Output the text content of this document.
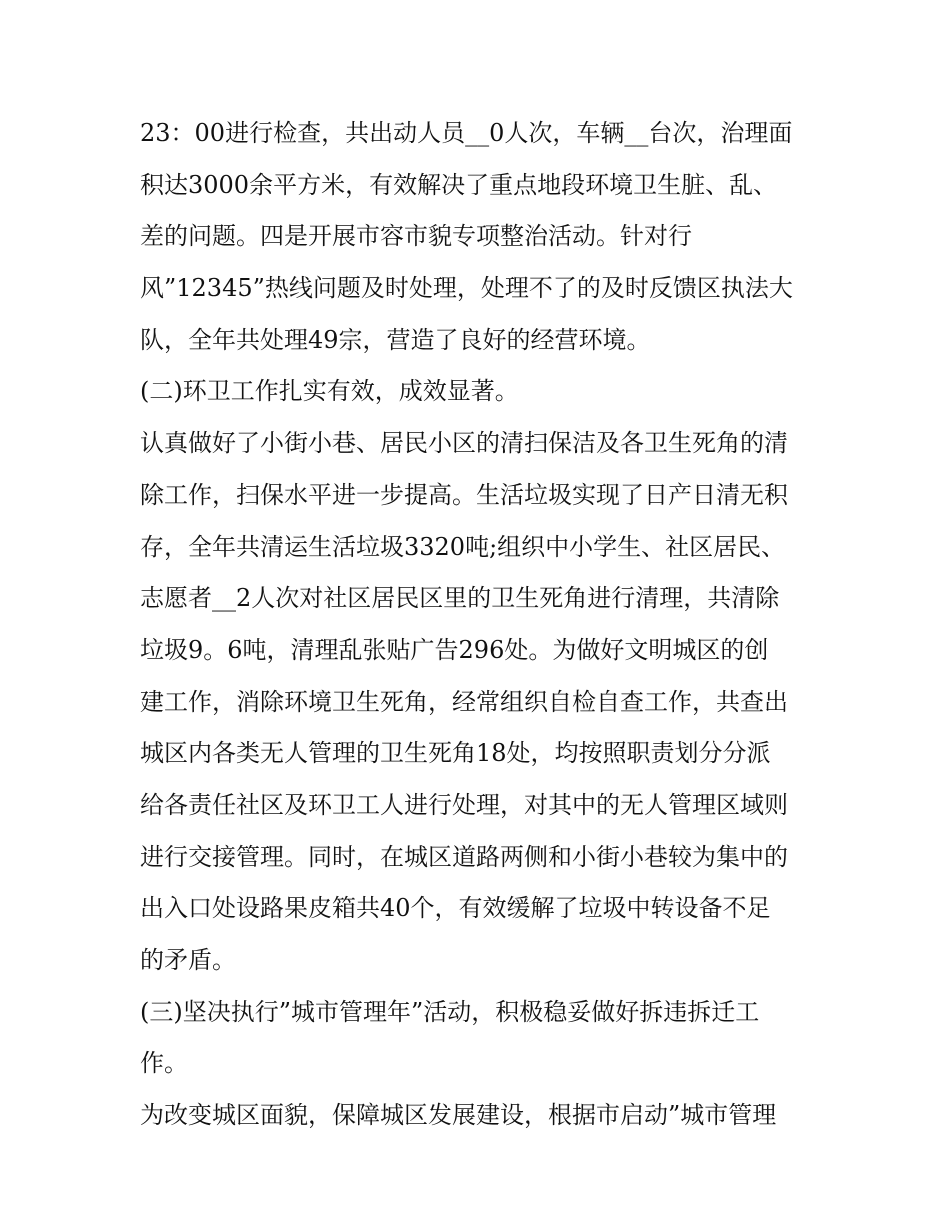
23：00进行检查，共出动人员__0人次，车辆__台次，治理面
积达3000余平方米，有效解决了重点地段环境卫生脏、乱、
差的问题。四是开展市容市貌专项整治活动。针对行
风”12345”热线问题及时处理，处理不了的及时反馈区执法大
队，全年共处理49宗，营造了良好的经营环境。
(二)环卫工作扎实有效，成效显著。
认真做好了小街小巷、居民小区的清扫保洁及各卫生死角的清
除工作，扫保水平进一步提高。生活垃圾实现了日产日清无积
存，全年共清运生活垃圾3320吨;组织中小学生、社区居民、
志愿者__2人次对社区居民区里的卫生死角进行清理，共清除
垃圾9。6吨，清理乱张贴广告296处。为做好文明城区的创
建工作，消除环境卫生死角，经常组织自检自查工作，共查出
城区内各类无人管理的卫生死角18处，均按照职责划分分派
给各责任社区及环卫工人进行处理，对其中的无人管理区域则
进行交接管理。同时，在城区道路两侧和小街小巷较为集中的
出入口处设路果皮箱共40个，有效缓解了垃圾中转设备不足
的矛盾。
(三)坚决执行”城市管理年”活动，积极稳妥做好拆违拆迁工
作。
为改变城区面貌，保障城区发展建设，根据市启动”城市管理
